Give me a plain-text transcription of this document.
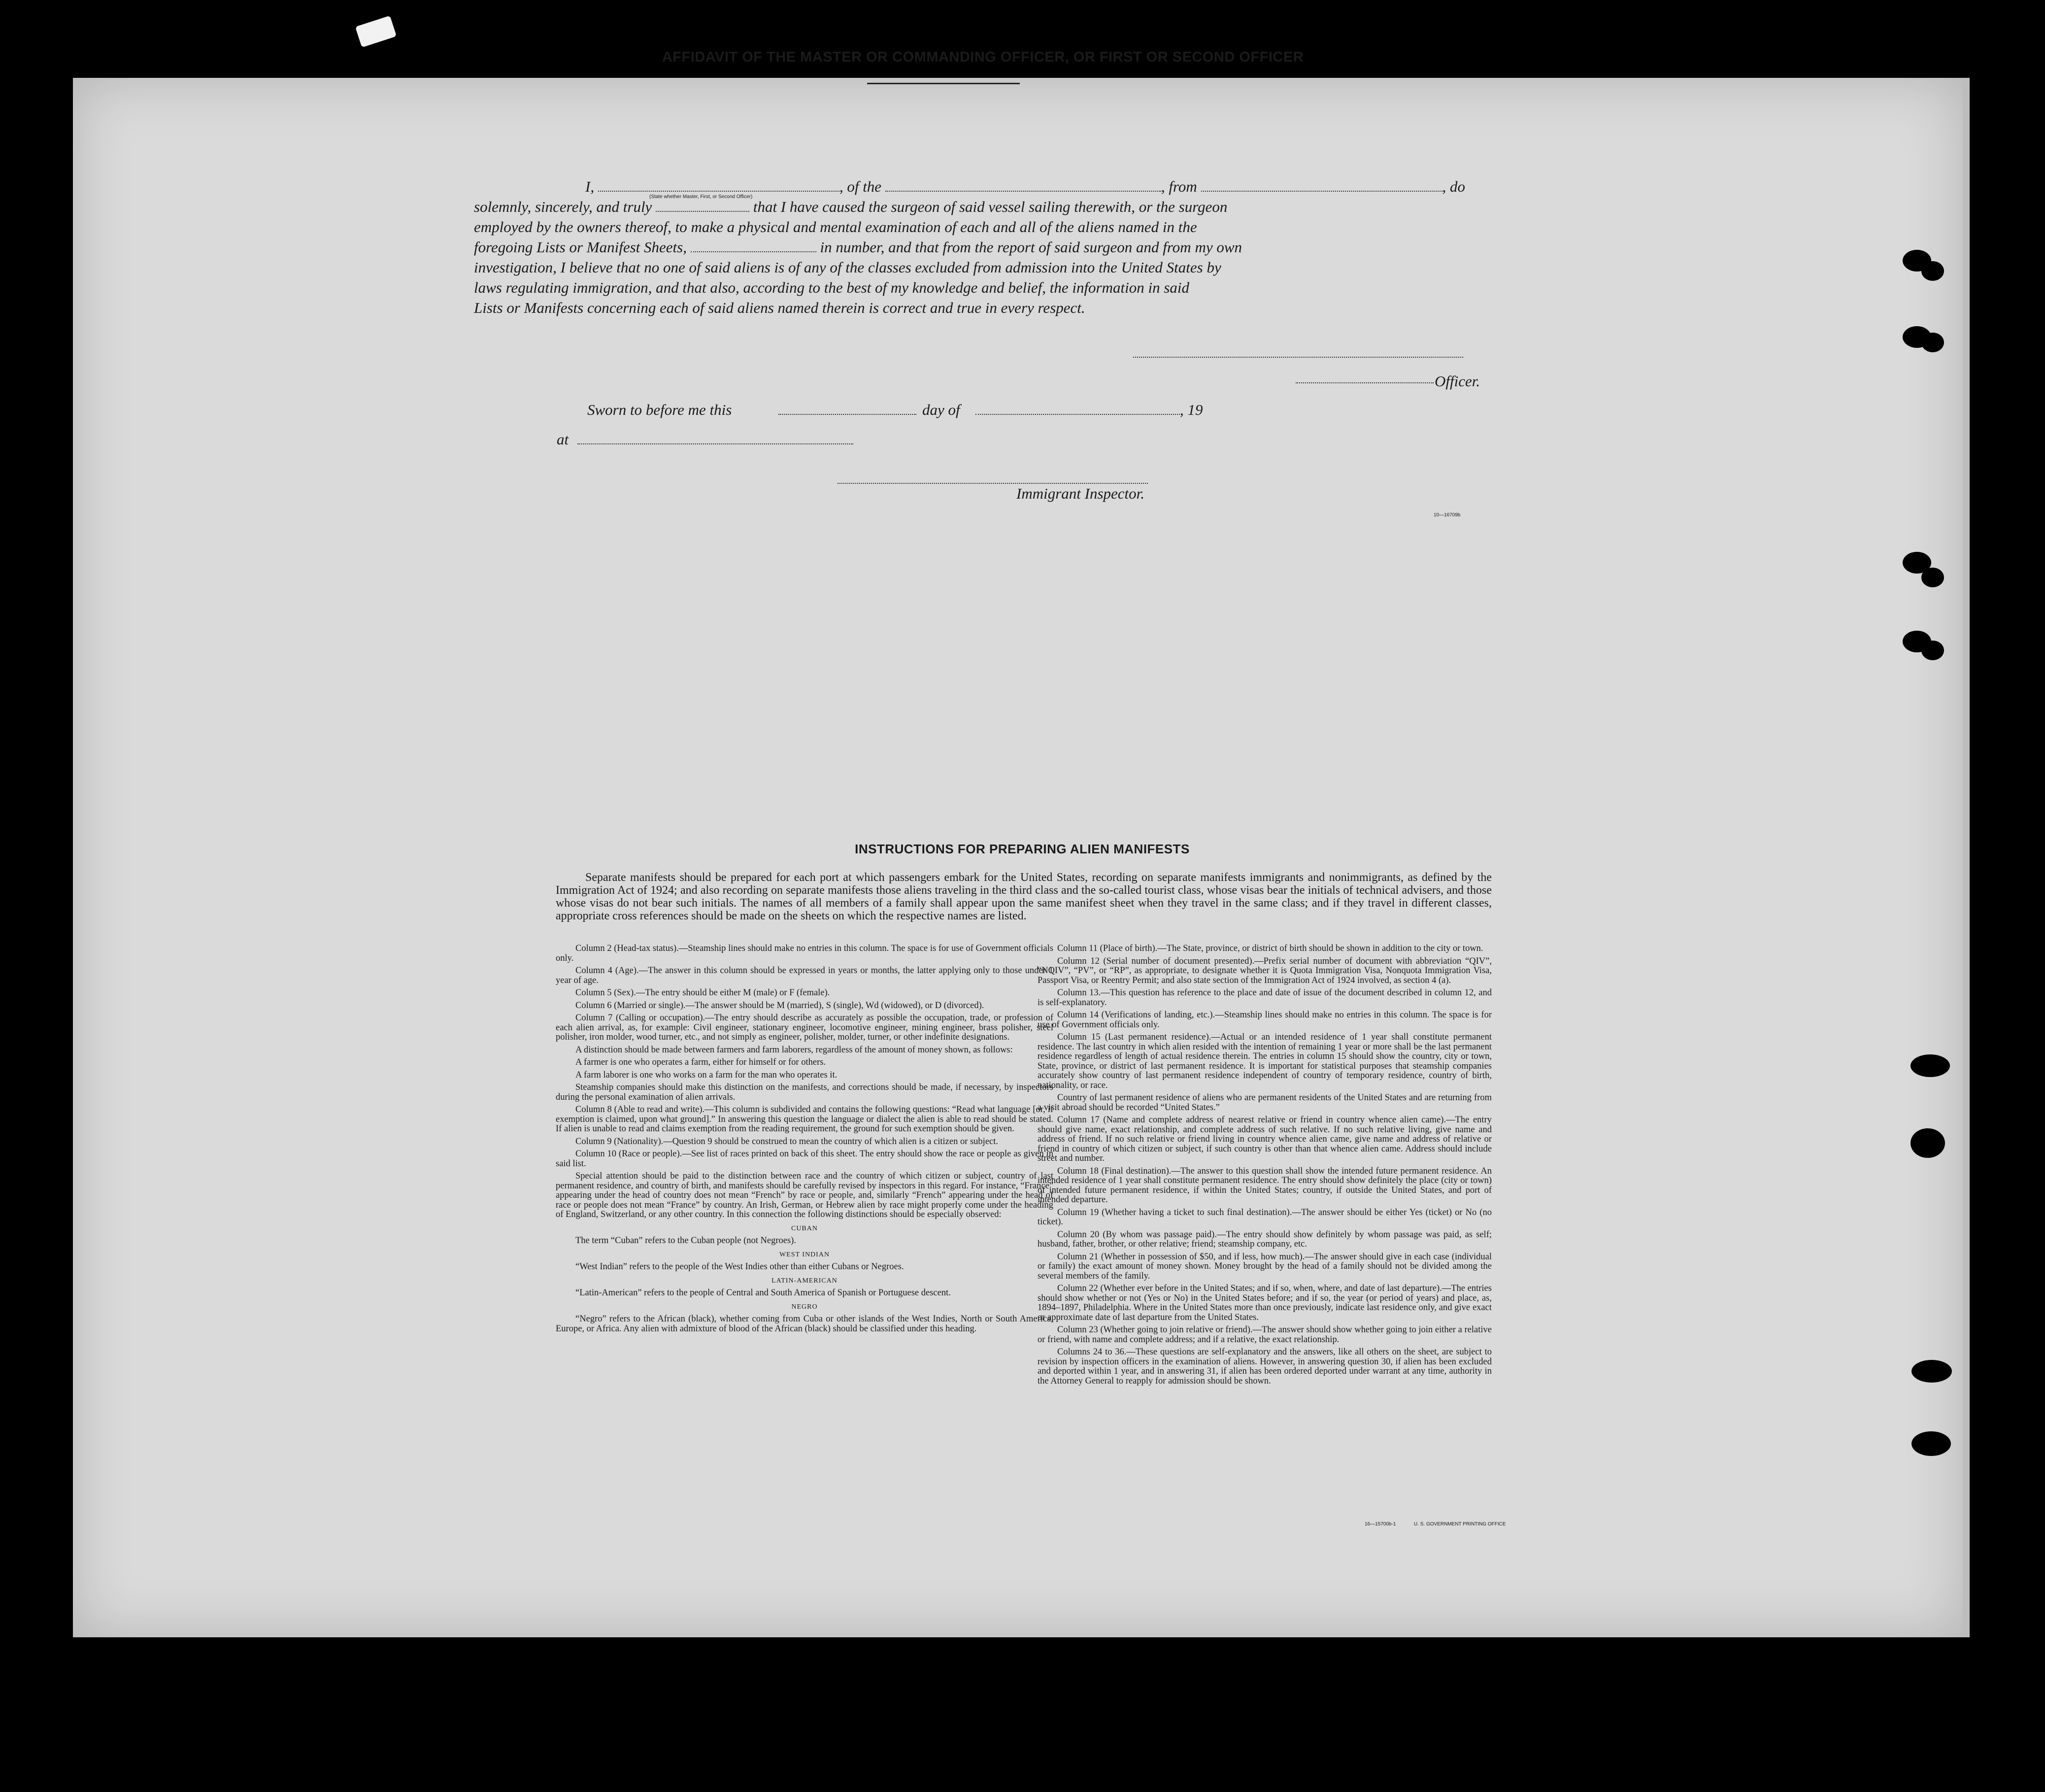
AFFIDAVIT OF THE MASTER OR COMMANDING OFFICER, OR FIRST OR SECOND OFFICER
I,	, of the	, from	, do
solemnly, sincerely, and truly	that I have caused the surgeon of said vessel sailing therewith, or the surgeon
employed by the owners thereof, to make a physical and mental examination of each and all of the aliens named in the
foregoing Lists or Manifest Sheets,	in number, and that from the report of said surgeon and from my own
investigation, I believe that no one of said aliens is of any of the classes excluded from admission into the United States by
laws regulating immigration, and that also, according to the best of my knowledge and belief, the information in said
Lists or Manifests concerning each of said aliens named therein is correct and true in every respect.
(State whether Master, First, or Second Officer)
Officer.
Sworn to before me this	day of	, 19
at
Immigrant Inspector.
10—16709b
INSTRUCTIONS FOR PREPARING ALIEN MANIFESTS
Separate manifests should be prepared for each port at which passengers embark for the United States, recording on separate manifests immigrants and nonimmigrants, as defined by the Immigration Act of 1924; and also recording on separate manifests those aliens traveling in the third class and the so-called tourist class, whose visas bear the initials of technical advisers, and those whose visas do not bear such initials. The names of all members of a family shall appear upon the same manifest sheet when they travel in the same class; and if they travel in different classes, appropriate cross references should be made on the sheets on which the respective names are listed.

Column 2 (Head-tax status).—Steamship lines should make no entries in this column. The space is for use of Government officials only.

Column 4 (Age).—The answer in this column should be expressed in years or months, the latter applying only to those under 1 year of age.

Column 5 (Sex).—The entry should be either M (male) or F (female).

Column 6 (Married or single).—The answer should be M (married), S (single), Wd (widowed), or D (divorced).

Column 7 (Calling or occupation).—The entry should describe as accurately as possible the occupation, trade, or profession of each alien arrival, as, for example: Civil engineer, stationary engineer, locomotive engineer, mining engineer, brass polisher, steel polisher, iron molder, wood turner, etc., and not simply as engineer, polisher, molder, turner, or other indefinite designations.

A distinction should be made between farmers and farm laborers, regardless of the amount of money shown, as follows:

A farmer is one who operates a farm, either for himself or for others.

A farm laborer is one who works on a farm for the man who operates it.

Steamship companies should make this distinction on the manifests, and corrections should be made, if necessary, by inspectors during the personal examination of alien arrivals.

Column 8 (Able to read and write).—This column is subdivided and contains the following questions: “Read what language [or, if exemption is claimed, upon what ground].” In answering this question the language or dialect the alien is able to read should be stated. If alien is unable to read and claims exemption from the reading requirement, the ground for such exemption should be given.

Column 9 (Nationality).—Question 9 should be construed to mean the country of which alien is a citizen or subject.

Column 10 (Race or people).—See list of races printed on back of this sheet. The entry should show the race or people as given in said list.

Special attention should be paid to the distinction between race and the country of which citizen or subject, country of last permanent residence, and country of birth, and manifests should be carefully revised by inspectors in this regard. For instance, “France” appearing under the head of country does not mean “French” by race or people, and, similarly “French” appearing under the head of race or people does not mean “France” by country. An Irish, German, or Hebrew alien by race might properly come under the heading of England, Switzerland, or any other country. In this connection the following distinctions should be especially observed:

CUBAN

The term “Cuban” refers to the Cuban people (not Negroes).

WEST INDIAN

“West Indian” refers to the people of the West Indies other than either Cubans or Negroes.

LATIN-AMERICAN

“Latin-American” refers to the people of Central and South America of Spanish or Portuguese descent.

NEGRO

“Negro” refers to the African (black), whether coming from Cuba or other islands of the West Indies, North or South America, Europe, or Africa. Any alien with admixture of blood of the African (black) should be classified under this heading.

Column 11 (Place of birth).—The State, province, or district of birth should be shown in addition to the city or town.

Column 12 (Serial number of document presented).—Prefix serial number of document with abbreviation “QIV”, “NQIV”, “PV”, or “RP”, as appropriate, to designate whether it is Quota Immigration Visa, Nonquota Immigration Visa, Passport Visa, or Reentry Permit; and also state section of the Immigration Act of 1924 involved, as section 4 (a).

Column 13.—This question has reference to the place and date of issue of the document described in column 12, and is self-explanatory.

Column 14 (Verifications of landing, etc.).—Steamship lines should make no entries in this column. The space is for use of Government officials only.

Column 15 (Last permanent residence).—Actual or an intended residence of 1 year shall constitute permanent residence. The last country in which alien resided with the intention of remaining 1 year or more shall be the last permanent residence regardless of length of actual residence therein. The entries in column 15 should show the country, city or town, State, province, or district of last permanent residence. It is important for statistical purposes that steamship companies accurately show country of last permanent residence independent of country of temporary residence, country of birth, nationality, or race.

Country of last permanent residence of aliens who are permanent residents of the United States and are returning from a visit abroad should be recorded “United States.”

Column 17 (Name and complete address of nearest relative or friend in country whence alien came).—The entry should give name, exact relationship, and complete address of such relative. If no such relative living, give name and address of friend. If no such relative or friend living in country whence alien came, give name and address of relative or friend in country of which citizen or subject, if such country is other than that whence alien came. Address should include street and number.

Column 18 (Final destination).—The answer to this question shall show the intended future permanent residence. An intended residence of 1 year shall constitute permanent residence. The entry should show definitely the place (city or town) of intended future permanent residence, if within the United States; country, if outside the United States, and port of intended departure.

Column 19 (Whether having a ticket to such final destination).—The answer should be either Yes (ticket) or No (no ticket).

Column 20 (By whom was passage paid).—The entry should show definitely by whom passage was paid, as self; husband, father, brother, or other relative; friend; steamship company, etc.

Column 21 (Whether in possession of $50, and if less, how much).—The answer should give in each case (individual or family) the exact amount of money shown. Money brought by the head of a family should not be divided among the several members of the family.

Column 22 (Whether ever before in the United States; and if so, when, where, and date of last departure).—The entries should show whether or not (Yes or No) in the United States before; and if so, the year (or period of years) and place, as, 1894–1897, Philadelphia. Where in the United States more than once previously, indicate last residence only, and give exact or approximate date of last departure from the United States.

Column 23 (Whether going to join relative or friend).—The answer should show whether going to join either a relative or friend, with name and complete address; and if a relative, the exact relationship.

Columns 24 to 36.—These questions are self-explanatory and the answers, like all others on the sheet, are subject to revision by inspection officers in the examination of aliens. However, in answering question 30, if alien has been excluded and deported within 1 year, and in answering 31, if alien has been ordered deported under warrant at any time, authority in the Attorney General to reapply for admission should be shown.

16—15700b-1	U. S. GOVERNMENT PRINTING OFFICE
